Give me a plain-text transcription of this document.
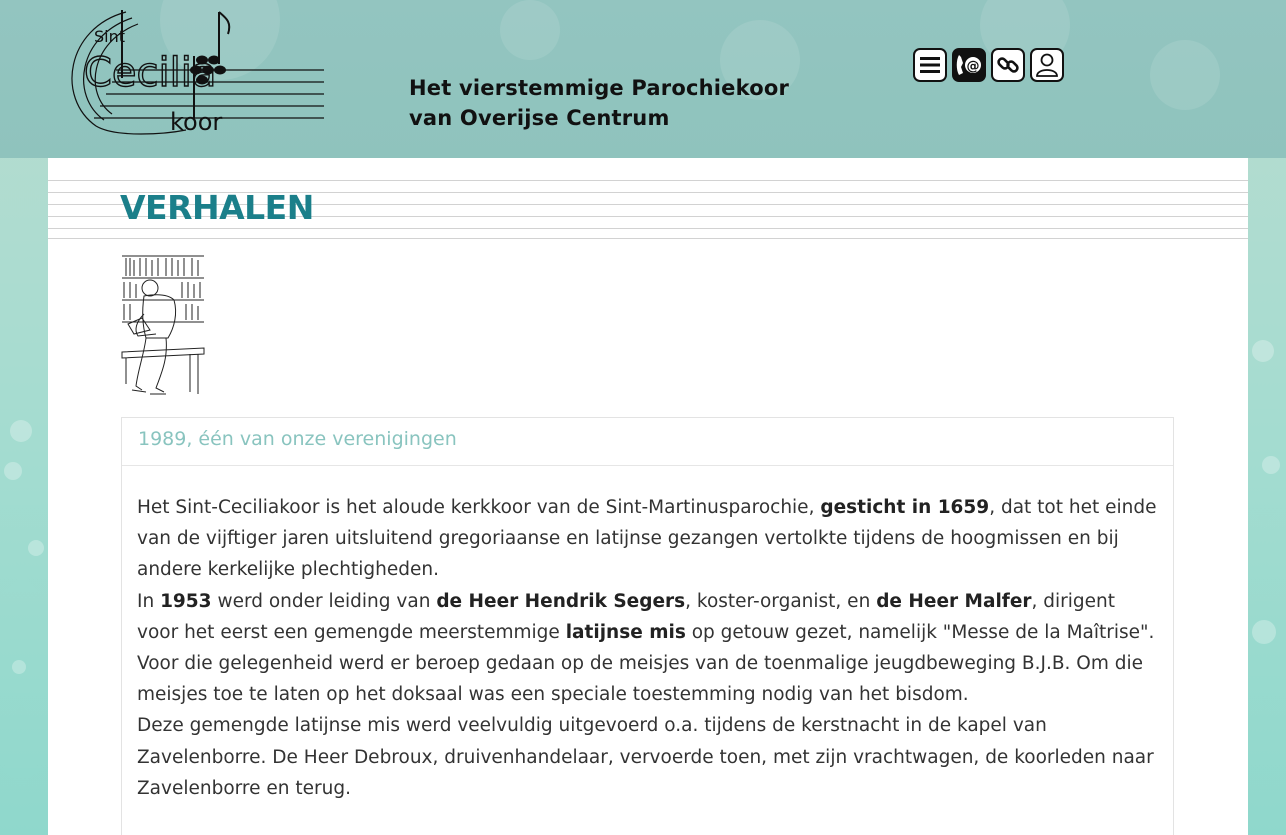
Sint
Cecilia
koor
Het vierstemmige Parochiekoor
van Overijse Centrum
@
VERHALEN
1989, één van onze verenigingen

Het Sint-Ceciliakoor is het aloude kerkkoor van de Sint-Martinusparochie, gesticht in 1659, dat tot het einde van de vijftiger jaren uitsluitend gregoriaanse en latijnse gezangen vertolkte tijdens de hoogmissen en bij andere kerkelijke plechtigheden.

In 1953 werd onder leiding van de Heer Hendrik Segers, koster-organist, en de Heer Malfer, dirigent voor het eerst een gemengde meerstemmige latijnse mis op getouw gezet, namelijk "Messe de la Maîtrise". Voor die gelegenheid werd er beroep gedaan op de meisjes van de toenmalige jeugdbeweging B.J.B. Om die meisjes toe te laten op het doksaal was een speciale toestemming nodig van het bisdom.

Deze gemengde latijnse mis werd veelvuldig uitgevoerd o.a. tijdens de kerstnacht in de kapel van Zavelenborre. De Heer Debroux, druivenhandelaar, vervoerde toen, met zijn vrachtwagen, de koorleden naar Zavelenborre en terug.
